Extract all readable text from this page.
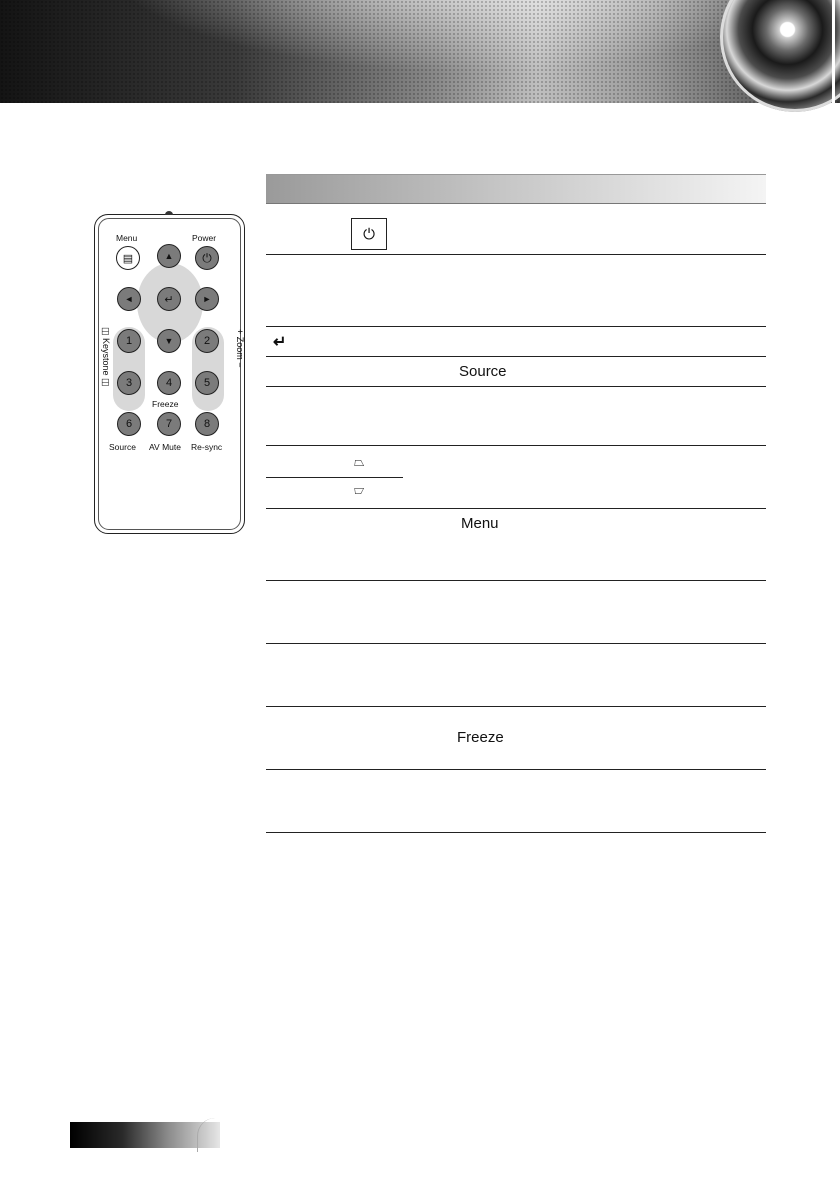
Menu	Power
▤	▲ ⏻
◄	↵	►
1	▼	2
3	4	5
Freeze
6	7	8
Source AV Mute Re-sync
◫ Keystone ◫	+ Zoom −
⏻
↵
Source
⏢
⏢
Menu
Freeze
